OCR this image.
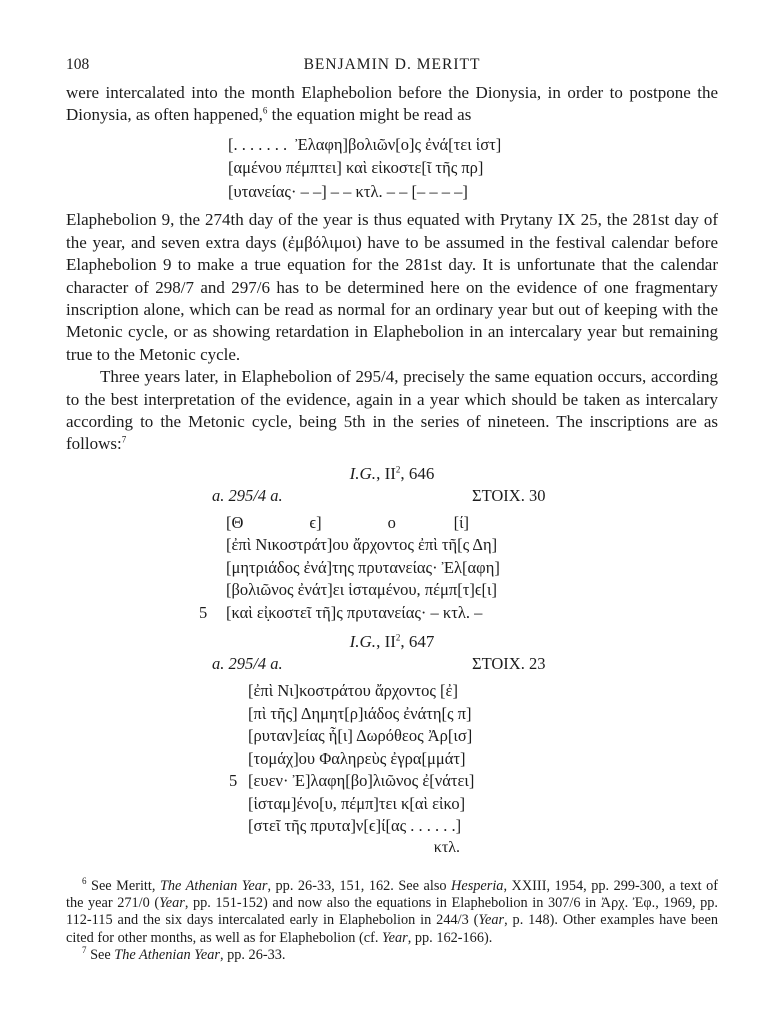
108	BENJAMIN D. MERITT

were intercalated into the month Elaphebolion before the Dionysia, in order to postpone the Dionysia, as often happened,$^6$ the equation might be read as

[. . . . . . .  Ἐλαφη]βολιῶν[ο]ς ἐνά[τει ἱστ]
[αμένου πέμπτει] καὶ εἰκοστε[ῖ τῆς πρ]
[υτανείας· – –] – – κτλ. – – [– – – –]

Elaphebolion 9, the 274th day of the year is thus equated with Prytany IX 25, the 281st day of the year, and seven extra days (ἐμβόλιμοι) have to be assumed in the festival calendar before Elaphebolion 9 to make a true equation for the 281st day. It is unfortunate that the calendar character of 298/7 and 297/6 has to be determined here on the evidence of one fragmentary inscription alone, which can be read as normal for an ordinary year but out of keeping with the Metonic cycle, or as showing retardation in Elaphebolion in an intercalary year but remaining true to the Metonic cycle.

Three years later, in Elaphebolion of 295/4, precisely the same equation occurs, according to the best interpretation of the evidence, again in a year which should be taken as intercalary according to the Metonic cycle, being 5th in the series of nineteen. The inscriptions are as follows:$^7$

I.G., $II^2$, 646
a. 295/4 a.	ΣΤΟΙΧ. 30
[Θ                ϵ]                ο              [ί]
[ἐπὶ Νικοστράτ]ου ἄρχοντος ἐπὶ τῆ[ς Δη]
[μητριάδος ἐνά]της πρυτανείας· Ἐλ[αφη]
[βολιῶνος ἐνάτ]ει ἱσταμένου, πέμπ[τ]ϵ[ι]
5 [καὶ εἰ̣κοστεῖ τῆ]ς πρυτανείας· – κτλ. –
I.G., $II^2$, 647
a. 295/4 a.	ΣΤΟΙΧ. 23
[ἐπὶ Νι]κοστράτου ἄρχοντος [ἐ]
[πὶ τῆς] Δημητ[ρ]ιάδος ἐνάτη[ς π]
[ρυταν]είας ἧ[ι] Δωρόθεος Ἀρ[ισ]
[τομάχ]ου Φαληρεὺς ἐγρα[μμάτ]
5 [ευεν· Ἐ]λαφη[βο]λιῶνος ἐ[νάτει]
[ἱσταμ]ένο[υ, πέμπ]τει κ[αὶ εἰκο]
[στεῖ τῆς πρυτα]ν[ϵ]ί[ας . . . . . .]
κτλ.

$^6$ See Meritt, The Athenian Year, pp. 26-33, 151, 162. See also Hesperia, XXIII, 1954, pp. 299-300, a text of the year 271/0 (Year, pp. 151-152) and now also the equations in Elaphebolion in 307/6 in Ἀρχ. Ἐφ., 1969, pp. 112-115 and the six days intercalated early in Elaphebolion in 244/3 (Year, p. 148). Other examples have been cited for other months, as well as for Elaphebolion (cf. Year, pp. 162-166).

$^7$ See The Athenian Year, pp. 26-33.
